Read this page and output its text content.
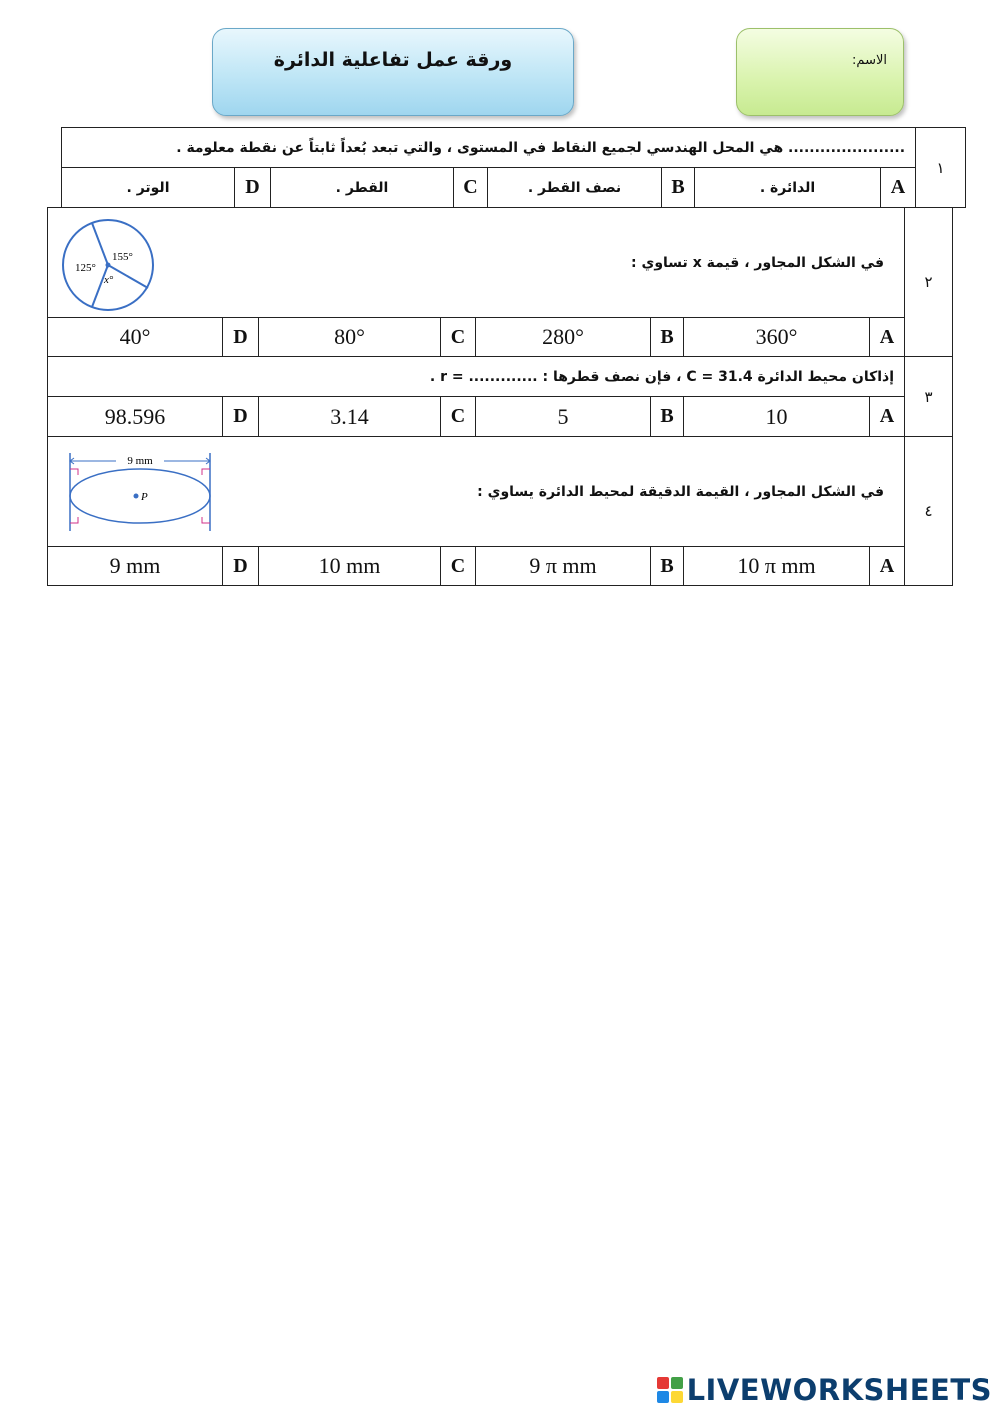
ورقة عمل تفاعلية الدائرة	الاسم:
...................... هي المحل الهندسي لجميع النقاط في المستوى ، والتي تبعد بُعداً ثابتاً عن نقطة معلومة .								١
الوتر .	D	القطر .	C	نصف القطر .	B	الدائرة .	A	
155°
125°
x°
في الشكل المجاور ، قيمة x تساوي :								٢
40°	D	80°	C	280°	B	360°	A	
إذاكان محيط الدائرة C = 31.4 ، فإن نصف قطرها : ............. = r .								٣
98.596	D	3.14	C	5	B	10	A	
9 mm
P في الشكل المجاور ، القيمة الدقيقة لمحيط الدائرة يساوي :								٤
9 mm	D	10 mm	C	9 π mm	B	10 π mm	A	
LIVEWORKSHEETS
